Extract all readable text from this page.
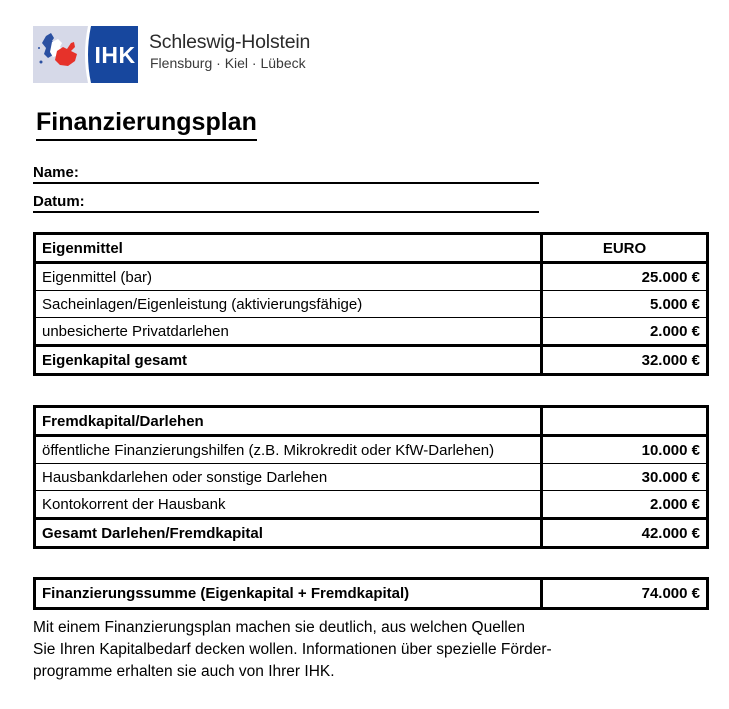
IHK Schleswig-Holstein
Flensburg · Kiel · Lübeck
Finanzierungsplan
Name:
Datum:
Eigenmittel	EURO
Eigenmittel (bar)	25.000 €
Sacheinlagen/Eigenleistung (aktivierungsfähige)	5.000 €
unbesicherte Privatdarlehen	2.000 €
Eigenkapital gesamt	32.000 €
Fremdkapital/Darlehen	
öffentliche Finanzierungshilfen (z.B. Mikrokredit oder KfW-Darlehen)	10.000 €
Hausbankdarlehen oder sonstige Darlehen	30.000 €
Kontokorrent der Hausbank	2.000 €
Gesamt Darlehen/Fremdkapital	42.000 €
Finanzierungssumme (Eigenkapital + Fremdkapital)	74.000 €
Mit einem Finanzierungsplan machen sie deutlich, aus welchen Quellen
Sie Ihren Kapitalbedarf decken wollen. Informationen über spezielle Förder-
programme erhalten sie auch von Ihrer IHK.
